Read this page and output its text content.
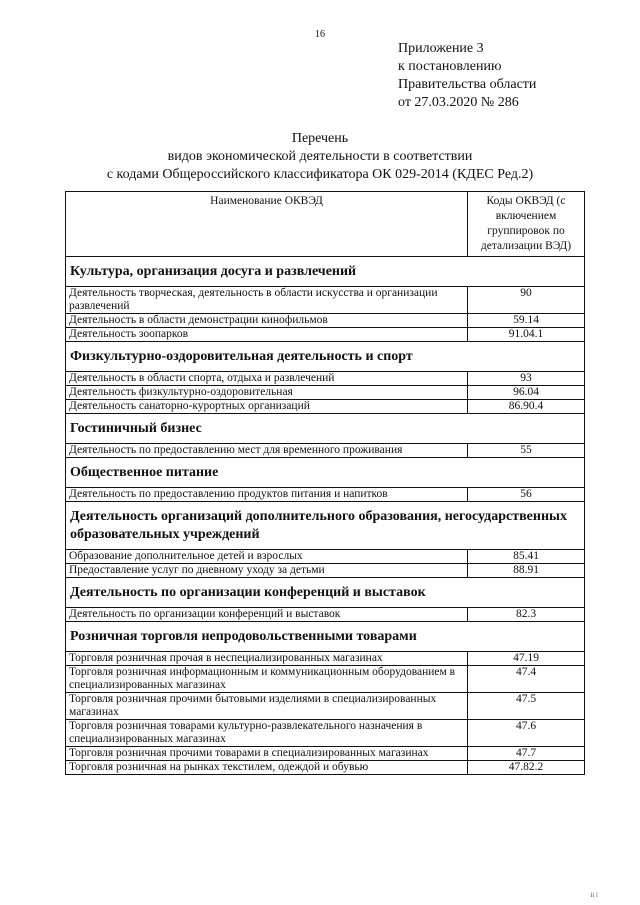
16
Приложение 3
к постановлению
Правительства области
от 27.03.2020 № 286
Перечень
видов экономической деятельности в соответствии
с кодами Общероссийского классификатора ОК 029-2014 (КДЕС Ред.2)
Наименование ОКВЭД	Коды ОКВЭД (с включением группировок по детализации ВЭД)
Культура, организация досуга и развлечений	
Деятельность творческая, деятельность в области искусства и организации развлечений	90
Деятельность в области демонстрации кинофильмов	59.14
Деятельность зоопарков	91.04.1
Физкультурно-оздоровительная деятельность и спорт	
Деятельность в области спорта, отдыха и развлечений	93
Деятельность физкультурно-оздоровительная	96.04
Деятельность санаторно-курортных организаций	86.90.4
Гостиничный бизнес	
Деятельность по предоставлению мест для временного проживания	55
Общественное питание	
Деятельность по предоставлению продуктов питания и напитков	56
Деятельность организаций дополнительного образования, негосударственных образовательных учреждений	
Образование дополнительное детей и взрослых	85.41
Предоставление услуг по дневному уходу за детьми	88.91
Деятельность по организации конференций и выставок	
Деятельность по организации конференций и выставок	82.3
Розничная торговля непродовольственными товарами	
Торговля розничная прочая в неспециализированных магазинах	47.19
Торговля розничная информационным и коммуникационным оборудованием в специализированных магазинах	47.4
Торговля розничная прочими бытовыми изделиями в специализированных магазинах	47.5
Торговля розничная товарами культурно-развлекательного назначения в специализированных магазинах	47.6
Торговля розничная прочими товарами в специализированных магазинах	47.7
Торговля розничная на рынках текстилем, одеждой и обувью	47.82.2
ii i
